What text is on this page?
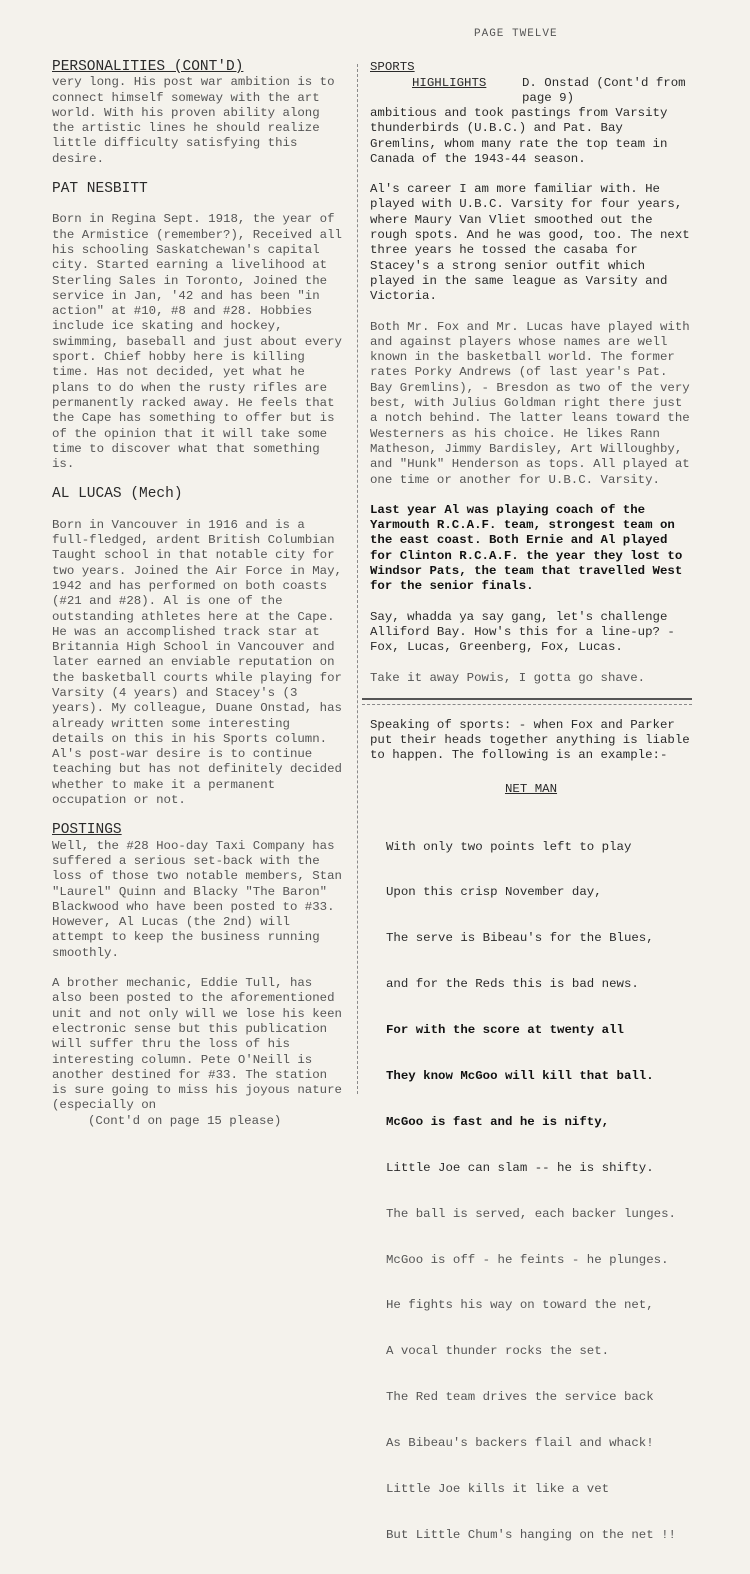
PAGE TWELVE
PERSONALITIES (CONT'D)

very long. His post war ambition is to connect himself someway with the art world. With his proven ability along the artistic lines he should realize little difficulty satisfying this desire.

PAT NESBITT

Born in Regina Sept. 1918, the year of the Armistice (remember?), Received all his schooling Saskatchewan's capital city. Started earning a livelihood at Sterling Sales in Toronto, Joined the service in Jan, '42 and has been "in action" at #10, #8 and #28. Hobbies include ice skating and hockey, swimming, baseball and just about every sport. Chief hobby here is killing time. Has not decided, yet what he plans to do when the rusty rifles are permanently racked away. He feels that the Cape has something to offer but is of the opinion that it will take some time to discover what that something is.

AL LUCAS (Mech)

Born in Vancouver in 1916 and is a full-fledged, ardent British Columbian Taught school in that notable city for two years. Joined the Air Force in May, 1942 and has performed on both coasts (#21 and #28). Al is one of the outstanding athletes here at the Cape. He was an accomplished track star at Britannia High School in Vancouver and later earned an enviable reputation on the basketball courts while playing for Varsity (4 years) and Stacey's (3 years). My colleague, Duane Onstad, has already written some interesting details on this in his Sports column. Al's post-war desire is to continue teaching but has not definitely decided whether to make it a permanent occupation or not.

POSTINGS

Well, the #28 Hoo-day Taxi Company has suffered a serious set-back with the loss of those two notable members, Stan "Laurel" Quinn and Blacky "The Baron" Blackwood who have been posted to #33. However, Al Lucas (the 2nd) will attempt to keep the business running smoothly.

A brother mechanic, Eddie Tull, has also been posted to the aforementioned unit and not only will we lose his keen electronic sense but this publication will suffer thru the loss of his interesting column. Pete O'Neill is another destined for #33. The station is sure going to miss his joyous nature (especially on

(Cont'd on page 15 please)
SPORTS
HIGHLIGHTS	D. Onstad (Cont'd from page 9)

ambitious and took pastings from Varsity thunderbirds (U.B.C.) and Pat. Bay Gremlins, whom many rate the top team in Canada of the 1943-44 season.

Al's career I am more familiar with. He played with U.B.C. Varsity for four years, where Maury Van Vliet smoothed out the rough spots. And he was good, too. The next three years he tossed the casaba for Stacey's a strong senior outfit which played in the same league as Varsity and Victoria.

Both Mr. Fox and Mr. Lucas have played with and against players whose names are well known in the basketball world. The former rates Porky Andrews (of last year's Pat. Bay Gremlins), - Bresdon as two of the very best, with Julius Goldman right there just a notch behind. The latter leans toward the Westerners as his choice. He likes Rann Matheson, Jimmy Bardisley, Art Willoughby, and "Hunk" Henderson as tops. All played at one time or another for U.B.C. Varsity.

Last year Al was playing coach of the Yarmouth R.C.A.F. team, strongest team on the east coast. Both Ernie and Al played for Clinton R.C.A.F. the year they lost to Windsor Pats, the team that travelled West for the senior finals.

Say, whadda ya say gang, let's challenge Alliford Bay. How's this for a line-up? - Fox, Lucas, Greenberg, Fox, Lucas.

Take it away Powis, I gotta go shave.

Speaking of sports: - when Fox and Parker put their heads together anything is liable to happen. The following is an example:-

NET MAN

With only two points left to play

Upon this crisp November day,

The serve is Bibeau's for the Blues,

and for the Reds this is bad news.

For with the score at twenty all

They know McGoo will kill that ball.

McGoo is fast and he is nifty,

Little Joe can slam -- he is shifty.

The ball is served, each backer lunges.

McGoo is off - he feints - he plunges.

He fights his way on toward the net,

A vocal thunder rocks the set.

The Red team drives the service back

As Bibeau's backers flail and whack!

Little Joe kills it like a vet

But Little Chum's hanging on the net !!
